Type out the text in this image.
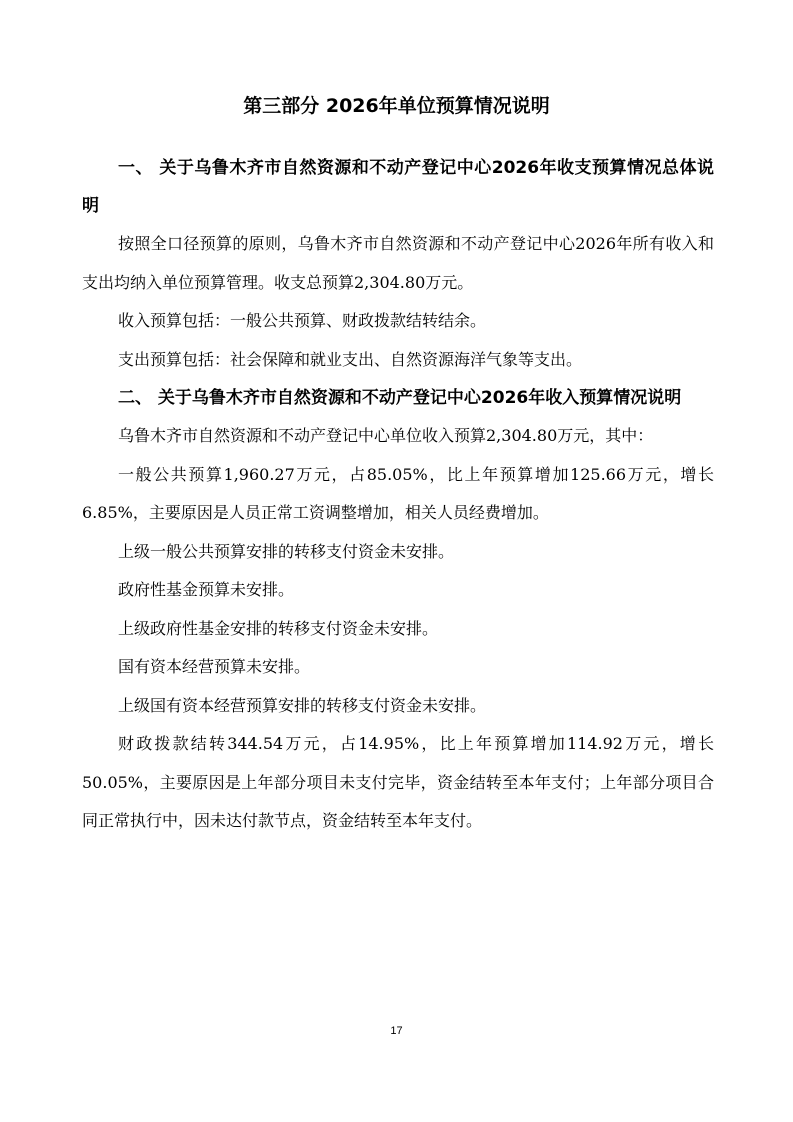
第三部分 2026年单位预算情况说明

一、 关于乌鲁木齐市自然资源和不动产登记中心2026年收支预算情况总体说明

按照全口径预算的原则，乌鲁木齐市自然资源和不动产登记中心2026年所有收入和支出均纳入单位预算管理。收支总预算2,304.80万元。

收入预算包括：一般公共预算、财政拨款结转结余。

支出预算包括：社会保障和就业支出、自然资源海洋气象等支出。

二、 关于乌鲁木齐市自然资源和不动产登记中心2026年收入预算情况说明

乌鲁木齐市自然资源和不动产登记中心单位收入预算2,304.80万元，其中：

一般公共预算1,960.27万元，占85.05%，比上年预算增加125.66万元，增长6.85%，主要原因是人员正常工资调整增加，相关人员经费增加。

上级一般公共预算安排的转移支付资金未安排。

政府性基金预算未安排。

上级政府性基金安排的转移支付资金未安排。

国有资本经营预算未安排。

上级国有资本经营预算安排的转移支付资金未安排。

财政拨款结转344.54万元，占14.95%，比上年预算增加114.92万元，增长50.05%，主要原因是上年部分项目未支付完毕，资金结转至本年支付；上年部分项目合同正常执行中，因未达付款节点，资金结转至本年支付。

17
